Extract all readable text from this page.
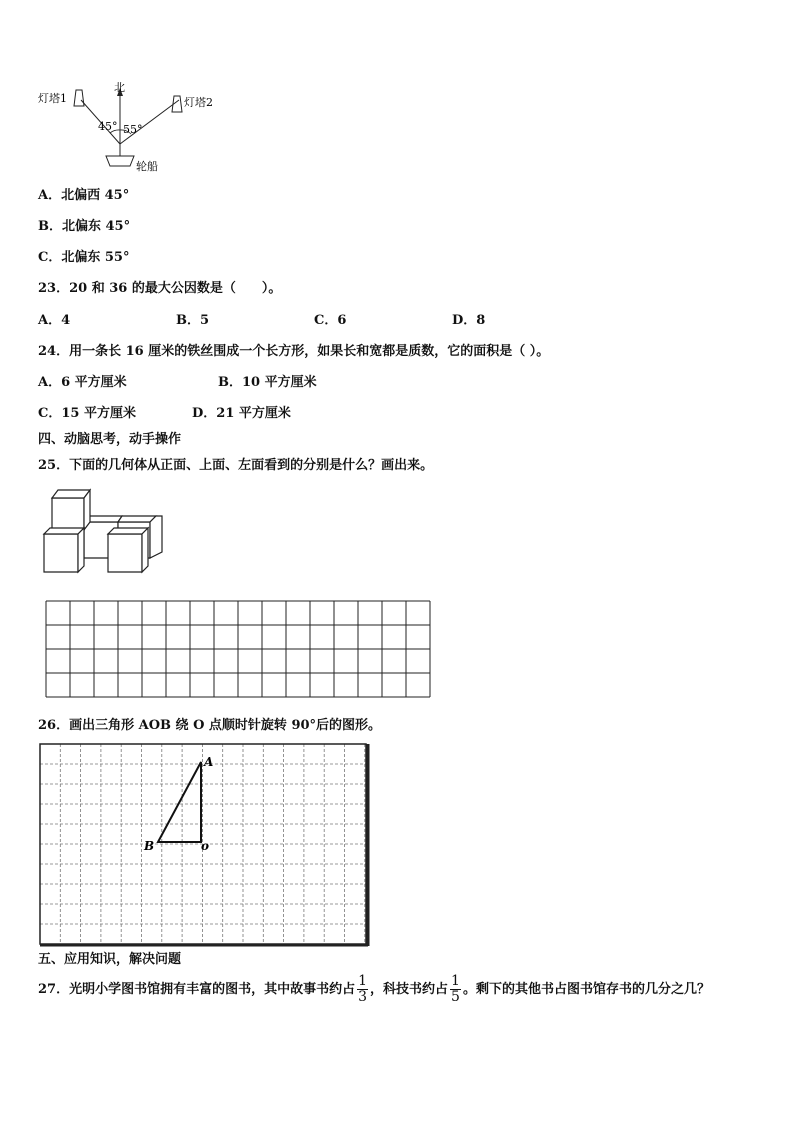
北
45° 55°
灯塔1	灯塔2
轮船
A．北偏西 45°
B．北偏东 45°
C．北偏东 55°
23．20 和 36 的最大公因数是（　　）。
A．4	B．5	C．6	D．8
24．用一条长 16 厘米的铁丝围成一个长方形，如果长和宽都是质数，它的面积是（ ）。
A．6 平方厘米	B．10 平方厘米
C．15 平方厘米	D．21 平方厘米
四、动脑思考，动手操作
25．下面的几何体从正面、上面、左面看到的分别是什么？画出来。
26．画出三角形 AOB 绕 O 点顺时针旋转 90°后的图形。
A
B	o
五、应用知识，解决问题
27．光明小学图书馆拥有丰富的图书，其中故事书约占 $\frac{1}{3}$ ，科技书约占 $\frac{1}{5}$ 。剩下的其他书占图书馆存书的几分之几？
